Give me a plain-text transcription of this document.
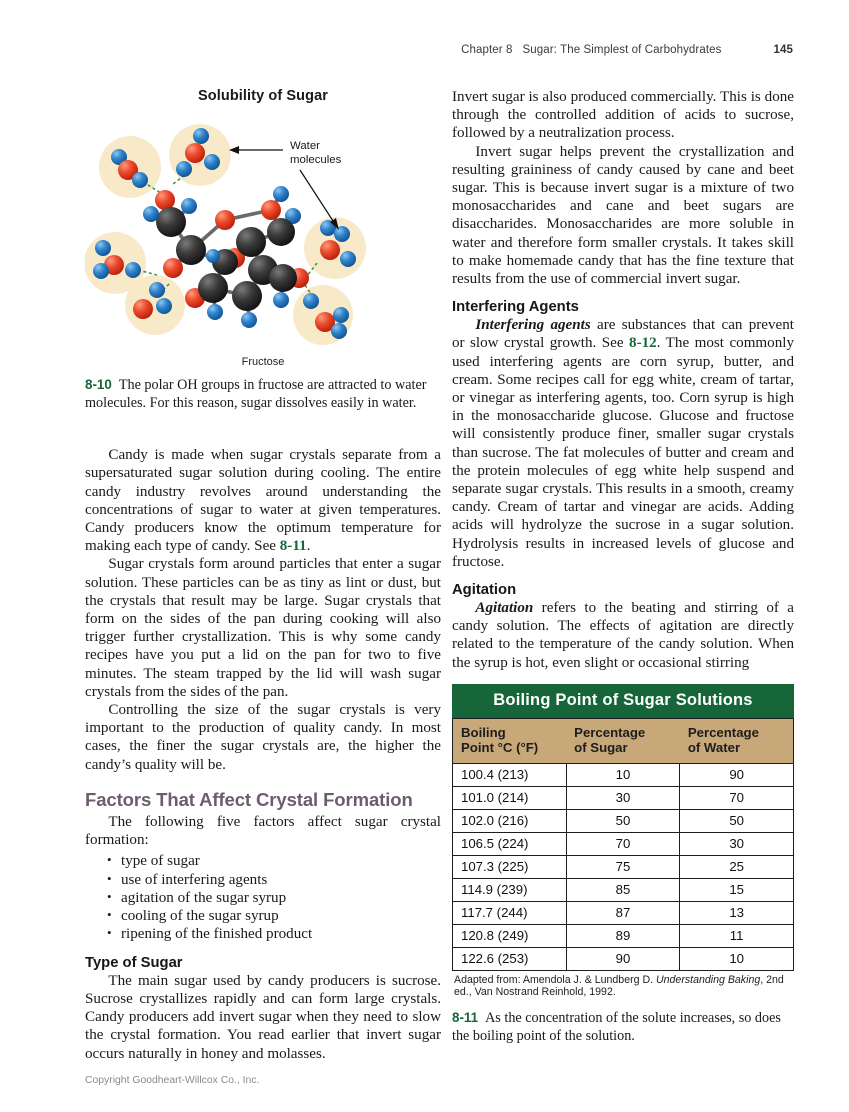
Chapter 8 Sugar: The Simplest of Carbohydrates	145
Solubility of Sugar
Water
molecules
Fructose

8-10 The polar OH groups in fructose are attracted to water molecules. For this reason, sugar dissolves easily in water.

Candy is made when sugar crystals separate from a supersaturated sugar solution during cooling. The entire candy industry revolves around understanding the concentrations of sugar to water at given temperatures. Candy producers know the optimum temperature for making each type of candy. See 8-11.

Sugar crystals form around particles that enter a sugar solution. These particles can be as tiny as lint or dust, but the crystals that result may be large. Sugar crystals that form on the sides of the pan during cooking will also trigger further crystallization. This is why some candy recipes have you put a lid on the pan for two to five minutes. The steam trapped by the lid will wash sugar crystals from the sides of the pan.

Controlling the size of the sugar crystals is very important to the production of quality candy. In most cases, the finer the sugar crystals are, the higher the candy’s quality will be.

Factors That Affect Crystal Formation

The following five factors affect sugar crystal formation:

• type of sugar
• use of interfering agents
• agitation of the sugar syrup
• cooling of the sugar syrup
• ripening of the finished product
Type of Sugar

The main sugar used by candy producers is sucrose. Sucrose crystallizes rapidly and can form large crystals. Candy producers add invert sugar when they need to slow the crystal formation. You read earlier that invert sugar occurs naturally in honey and molasses.

Invert sugar is also produced commercially. This is done through the controlled addition of acids to sucrose, followed by a neutralization process.

Invert sugar helps prevent the crystallization and resulting graininess of candy caused by cane and beet sugar. This is because invert sugar is a mixture of two monosaccharides and cane and beet sugars are disaccharides. Monosaccharides are more soluble in water and therefore form smaller crystals. It takes skill to make homemade candy that has the fine texture that results from the use of commercial invert sugar.

Interfering Agents

Interfering agents are substances that can prevent or slow crystal growth. See 8-12. The most commonly used interfering agents are corn syrup, butter, and cream. Some recipes call for egg white, cream of tartar, or vinegar as interfering agents, too. Corn syrup is high in the monosaccharide glucose. Glucose and fructose will consistently produce finer, smaller sugar crystals than sucrose. The fat molecules of butter and cream and the protein molecules of egg white help suspend and separate sugar crystals. This results in a smooth, creamy candy. Cream of tartar and vinegar are acids. Adding acids will hydrolyze the sucrose in a sugar solution. Hydrolysis results in increased levels of glucose and fructose.

Agitation

Agitation refers to the beating and stirring of a candy solution. The effects of agitation are directly related to the temperature of the candy solution. When the syrup is hot, even slight or occasional stirring

Boiling Point of Sugar Solutions
Boiling
Point °C (°F)

Percentage
of Sugar

Percentage
of Water

100.4 (213)	10	90
101.0 (214)	30	70
102.0 (216)	50	50
106.5 (224)	70	30
107.3 (225)	75	25
114.9 (239)	85	15
117.7 (244)	87	13
120.8 (249)	89	11
122.6 (253)	90	10
Adapted from: Amendola J. & Lundberg D. Understanding Baking, 2nd ed., Van Nostrand Reinhold, 1992.

8-11 As the concentration of the solute increases, so does the boiling point of the solution.

Copyright Goodheart-Willcox Co., Inc.
